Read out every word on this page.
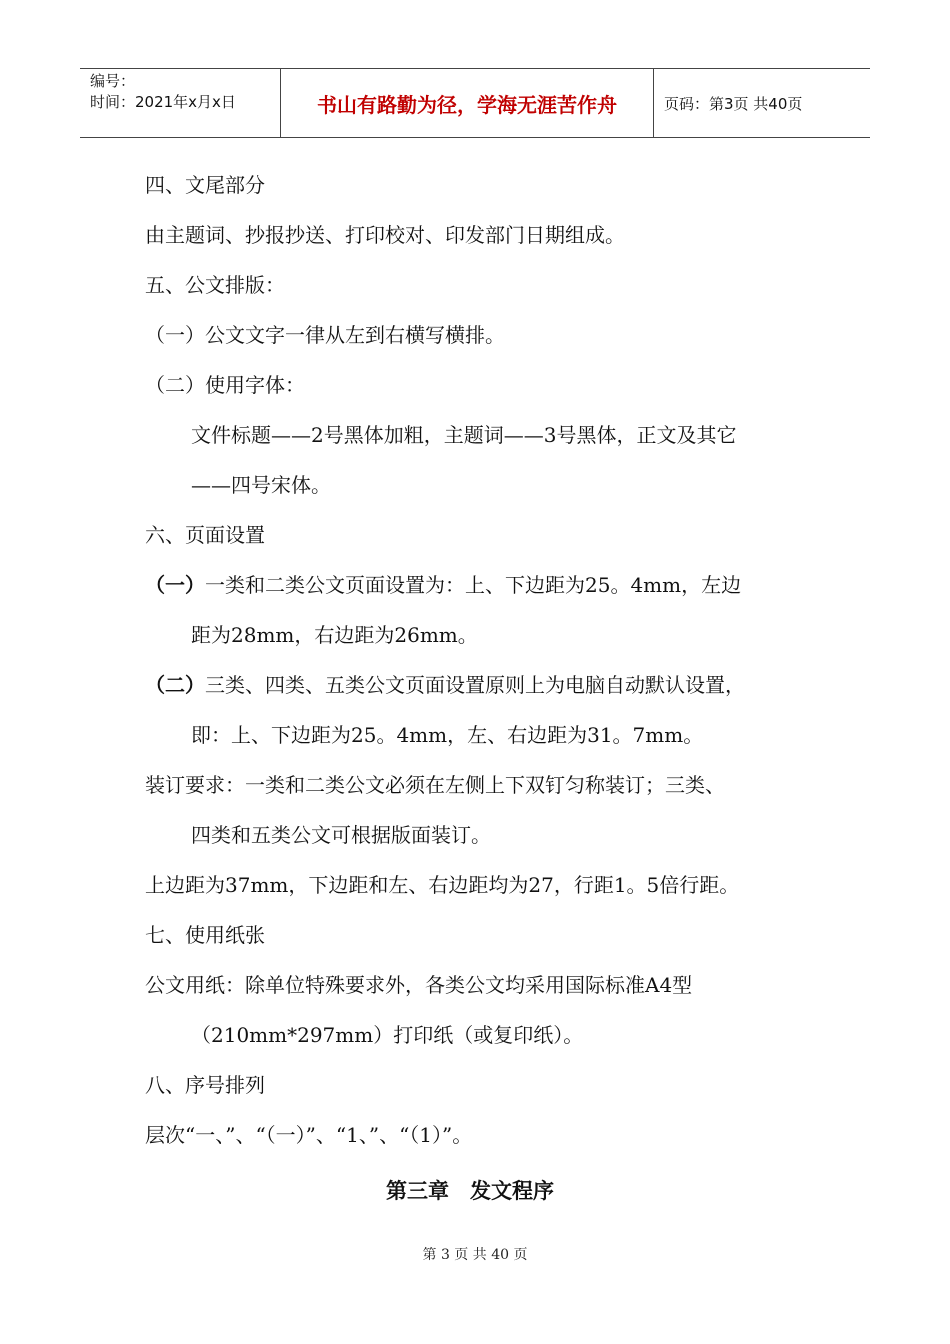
编号：
时间：2021年x月x日	书山有路勤为径，学海无涯苦作舟	页码：第3页 共40页
四、文尾部分
由主题词、抄报抄送、打印校对、印发部门日期组成。
五、公文排版：
（一）公文文字一律从左到右横写横排。
（二）使用字体：
文件标题——2号黑体加粗，主题词——3号黑体，正文及其它
——四号宋体。
六、页面设置
（一）一类和二类公文页面设置为：上、下边距为25。4mm，左边
距为28mm，右边距为26mm。
（二）三类、四类、五类公文页面设置原则上为电脑自动默认设置，
即：上、下边距为25。4mm，左、右边距为31。7mm。
装订要求：一类和二类公文必须在左侧上下双钉匀称装订；三类、
四类和五类公文可根据版面装订。
上边距为37mm，下边距和左、右边距均为27，行距1。5倍行距。
七、使用纸张
公文用纸：除单位特殊要求外，各类公文均采用国际标准A4型
（210mm*297mm）打印纸（或复印纸）。
八、序号排列
层次“一、”、“（一）”、“1、”、“（1）”。
第三章　发文程序
第 3 页 共 40 页
